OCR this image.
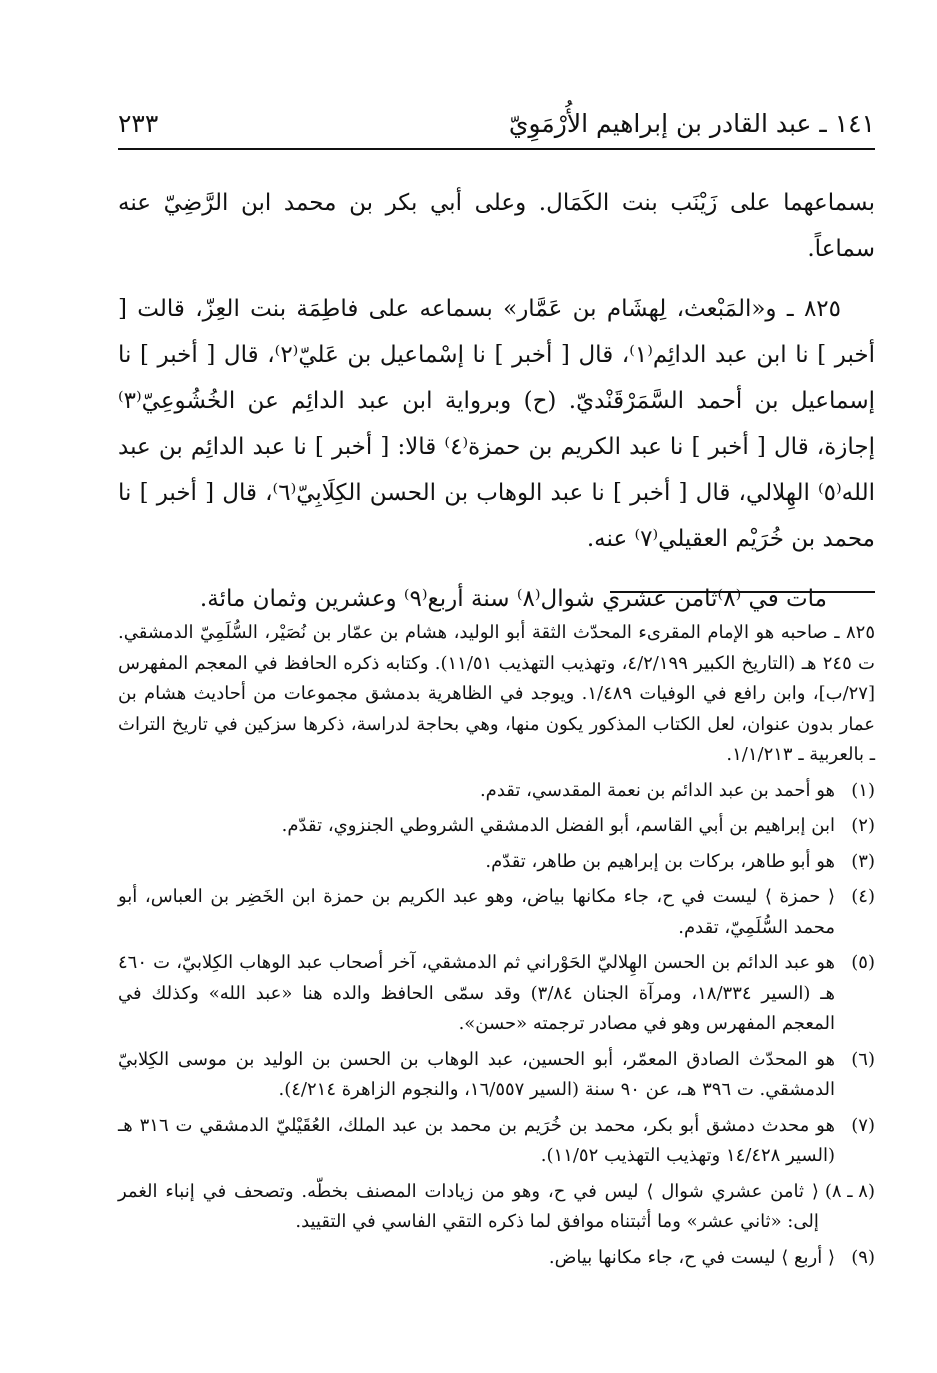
١٤١ ـ عبد القادر بن إبراهيم الأُرْمَوِيّ
٢٣٣

بسماعهما على زَيْنَب بنت الكَمَال. وعلى أبي بكر بن محمد ابن الرَّضِيّ عنه سماعاً.

٨٢٥ ـ و«المَبْعث، لِهشَام بن عَمَّار» بسماعه على فاطِمَة بنت العِزّ، قالت [ أخبر ] نا ابن عبد الدائِم⁽١⁾، قال [ أخبر ] نا إسْماعيل بن عَليّ⁽٢⁾، قال [ أخبر ] نا إسماعيل بن أحمد السَّمَرْقَنْديّ. (ح) وبرواية ابن عبد الدائِم عن الخُشُوعِيّ⁽٣⁾ إجازة، قال [ أخبر ] نا عبد الكريم بن حمزة⁽٤⁾ قالا: [ أخبر ] نا عبد الدائِم بن عبد الله⁽٥⁾ الهِلالي، قال [ أخبر ] نا عبد الوهاب بن الحسن الكِلَابِيّ⁽٦⁾، قال [ أخبر ] نا محمد بن خُرَيْم العقيلي⁽٧⁾ عنه.

مات في ⁽٨⁾ثامن عشري شوال⁽٨⁾ سنة أربع⁽٩⁾ وعشرين وثمان مائة.

٨٢٥ ـ صاحبه هو الإمام المقرىء المحدّث الثقة أبو الوليد، هشام بن عمّار بن نُصَيْر، السُّلَمِيّ الدمشقي. ت ٢٤٥ هـ (التاريخ الكبير ٤/٢/١٩٩، وتهذيب التهذيب ١١/٥١). وكتابه ذكره الحافظ في المعجم المفهرس [٢٧/ب]، وابن رافع في الوفيات ١/٤٨٩. ويوجد في الظاهرية بدمشق مجموعات من أحاديث هشام بن عمار بدون عنوان، لعل الكتاب المذكور يكون منها، وهي بحاجة لدراسة، ذكرها سزكين في تاريخ التراث ـ بالعربية ـ ١/١/٢١٣.
(١)
هو أحمد بن عبد الدائم بن نعمة المقدسي، تقدم.
(٢)
ابن إبراهيم بن أبي القاسم، أبو الفضل الدمشقي الشروطي الجنزوي، تقدّم.
(٣)
هو أبو طاهر، بركات بن إبراهيم بن طاهر، تقدّم.
(٤)
⟨ حمزة ⟩ ليست في ح، جاء مكانها بياض، وهو عبد الكريم بن حمزة ابن الخَضِر بن العباس، أبو محمد السُّلَمِيّ، تقدم.
(٥)
هو عبد الدائم بن الحسن الهِلاليّ الحَوْراني ثم الدمشقي، آخر أصحاب عبد الوهاب الكِلابيّ، ت ٤٦٠ هـ (السير ١٨/٣٣٤، ومرآة الجنان ٣/٨٤) وقد سمّى الحافظ والده هنا «عبد الله» وكذلك في المعجم المفهرس وهو في مصادر ترجمته «حسن».
(٦)
هو المحدّث الصادق المعمّر، أبو الحسين، عبد الوهاب بن الحسن بن الوليد بن موسى الكِلابيّ الدمشقي. ت ٣٩٦ هـ، عن ٩٠ سنة (السير ١٦/٥٥٧، والنجوم الزاهرة ٤/٢١٤).
(٧)
هو محدث دمشق أبو بكر، محمد بن خُرَيم بن محمد بن عبد الملك، العُقَيْليّ الدمشقي ت ٣١٦ هـ (السير ١٤/٤٢٨ وتهذيب التهذيب ١١/٥٢).
(٨ ـ ٨)
⟨ ثامن عشري شوال ⟩ ليس في ح، وهو من زيادات المصنف بخطّه. وتصحف في إنباء الغمر إلى: «ثاني عشر» وما أثبتناه موافق لما ذكره التقي الفاسي في التقييد.
(٩)
⟨ أربع ⟩ ليست في ح، جاء مكانها بياض.
